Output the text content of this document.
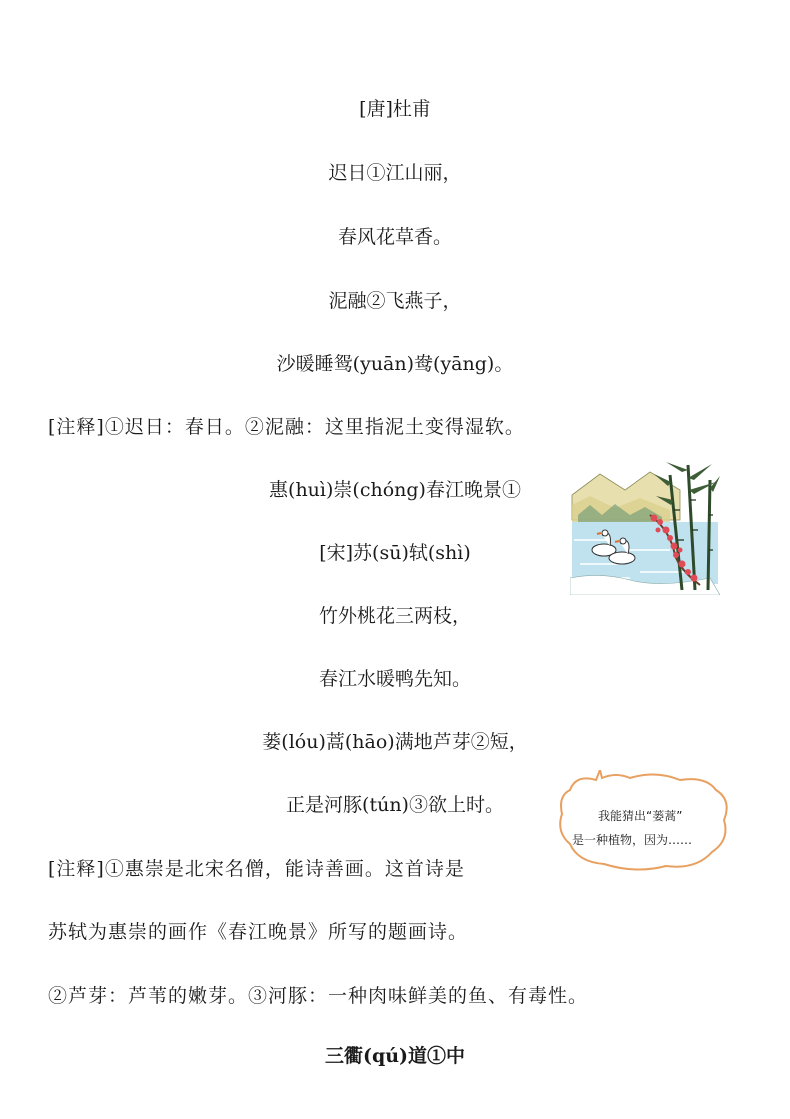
[唐]杜甫
迟日①江山丽，
春风花草香。
泥融②飞燕子，
沙暖睡鸳(yuān)鸯(yāng)。
[注释]①迟日：春日。②泥融：这里指泥土变得湿软。
惠(huì)崇(chóng)春江晚景①
[宋]苏(sū)轼(shì)
竹外桃花三两枝，
春江水暖鸭先知。
蒌(lóu)蒿(hāo)满地芦芽②短，
正是河豚(tún)③欲上时。
[注释]①惠崇是北宋名僧，能诗善画。这首诗是
苏轼为惠崇的画作《春江晚景》所写的题画诗。
②芦芽：芦苇的嫩芽。③河豚：一种肉味鲜美的鱼、有毒性。
三衢(qú)道①中
我能猜出“蒌蒿”
是一种植物，因为……
